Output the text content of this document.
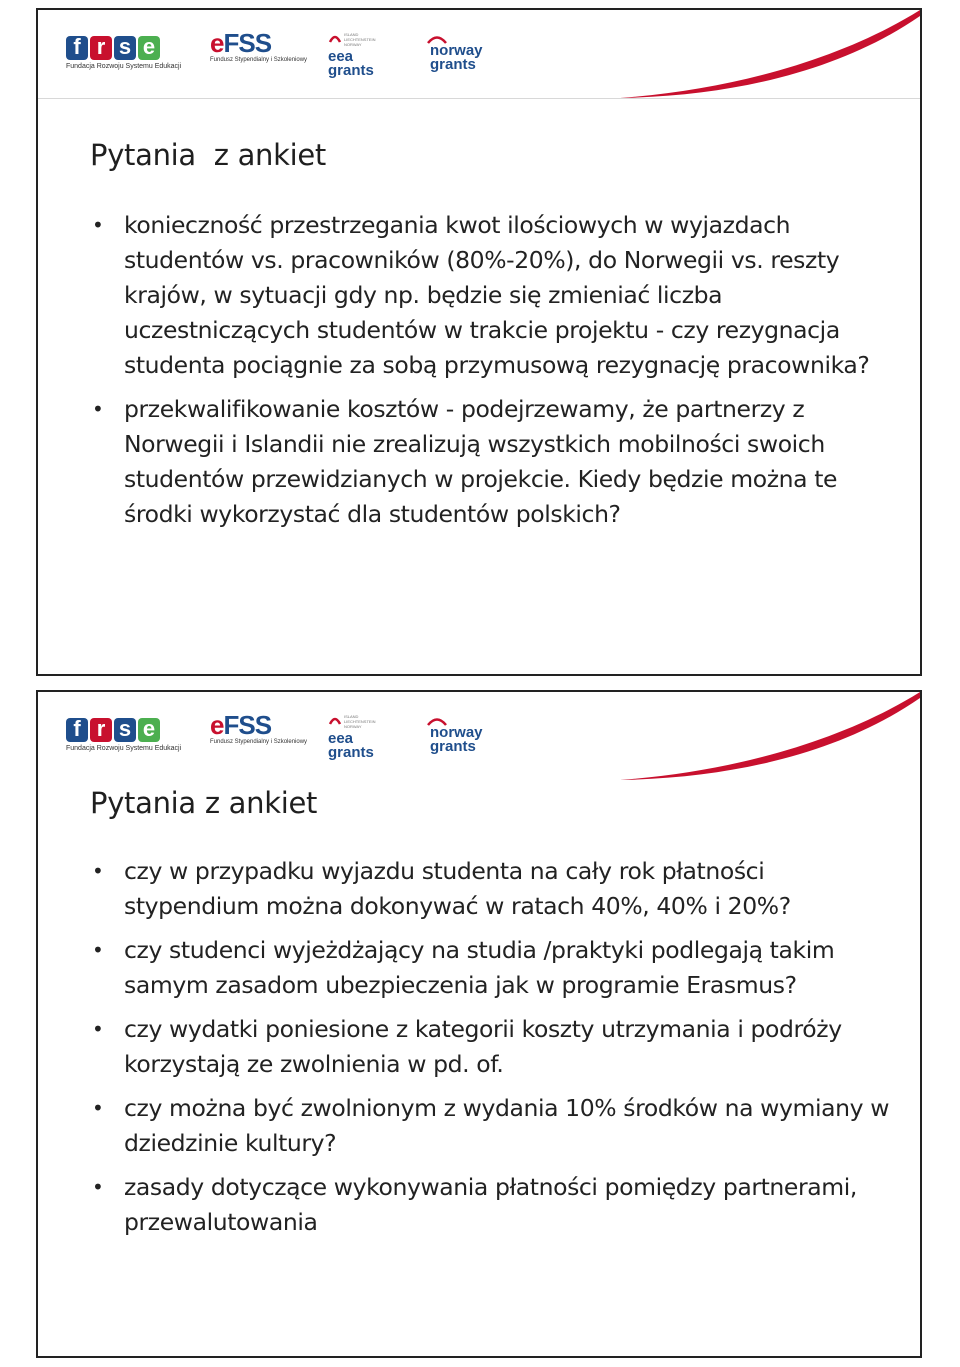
f r s e
Fundacja Rozwoju Systemu Edukacji
eFSS
Fundusz Stypendialny i Szkoleniowy
ISLAND LIECHTENSTEIN NORWAY
eea
grants
norway
grants
Pytania  z ankiet
• konieczność przestrzegania kwot ilościowych w wyjazdach studentów vs. pracowników (80%-20%), do Norwegii vs. reszty krajów, w sytuacji gdy np. będzie się zmieniać liczba uczestniczących studentów w trakcie projektu - czy rezygnacja studenta pociągnie za sobą przymusową rezygnację pracownika?
• przekwalifikowanie kosztów - podejrzewamy, że partnerzy z Norwegii i Islandii nie zrealizują wszystkich mobilności swoich studentów przewidzianych w projekcie. Kiedy będzie można te środki wykorzystać dla studentów polskich?
f r s e
Fundacja Rozwoju Systemu Edukacji
eFSS
Fundusz Stypendialny i Szkoleniowy
ISLAND LIECHTENSTEIN NORWAY
eea
grants
norway
grants
Pytania z ankiet
• czy w przypadku wyjazdu studenta na cały rok płatności stypendium można dokonywać w ratach 40%, 40% i 20%?
• czy studenci wyjeżdżający na studia /praktyki podlegają takim samym zasadom ubezpieczenia jak w programie Erasmus?
• czy wydatki poniesione z kategorii koszty utrzymania i podróży korzystają ze zwolnienia w pd. of.
• czy można być zwolnionym z wydania 10% środków na wymiany w dziedzinie kultury?
• zasady dotyczące wykonywania płatności pomiędzy partnerami, przewalutowania
